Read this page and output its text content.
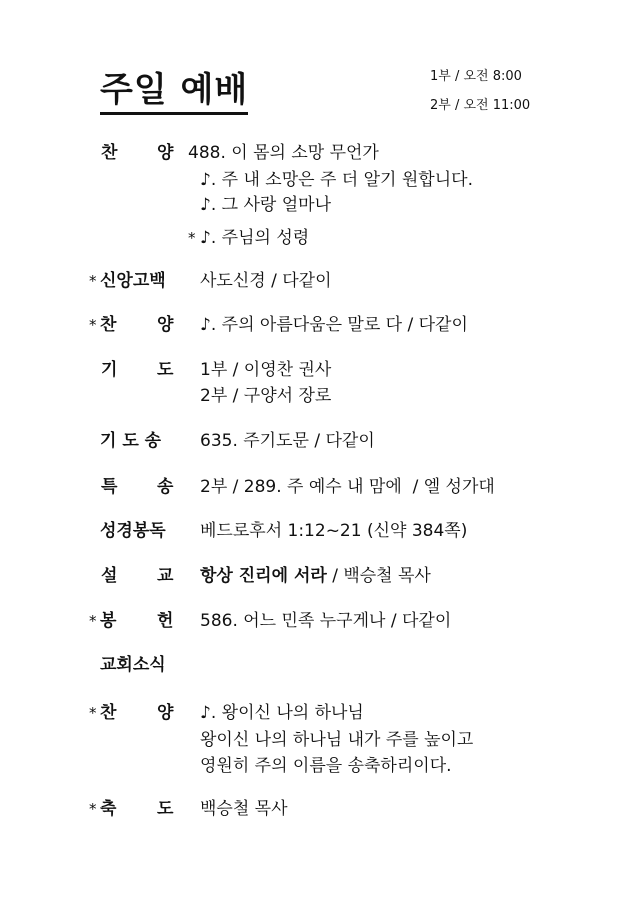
주일 예배	1부 / 오전 8:00
2부 / 오전 11:00
찬 양 488. 이 몸의 소망 무언가
♪. 주 내 소망은 주 더 알기 원합니다.
♪. 그 사랑 얼마나
* ♪. 주님의 성령
* 신앙고백 사도신경 / 다같이
* 찬 양 ♪. 주의 아름다움은 말로 다 / 다같이
기 도 1부 / 이영찬 권사
2부 / 구양서 장로
기 도 송 635. 주기도문 / 다같이
특 송 2부 / 289. 주 예수 내 맘에  / 엘 성가대
성경봉독 베드로후서 1:12~21 (신약 384쪽)
설 교 항상 진리에 서라 / 백승철 목사
* 봉 헌 586. 어느 민족 누구게나 / 다같이
교회소식
* 찬 양 ♪. 왕이신 나의 하나님
왕이신 나의 하나님 내가 주를 높이고
영원히 주의 이름을 송축하리이다.
* 축 도 백승철 목사
